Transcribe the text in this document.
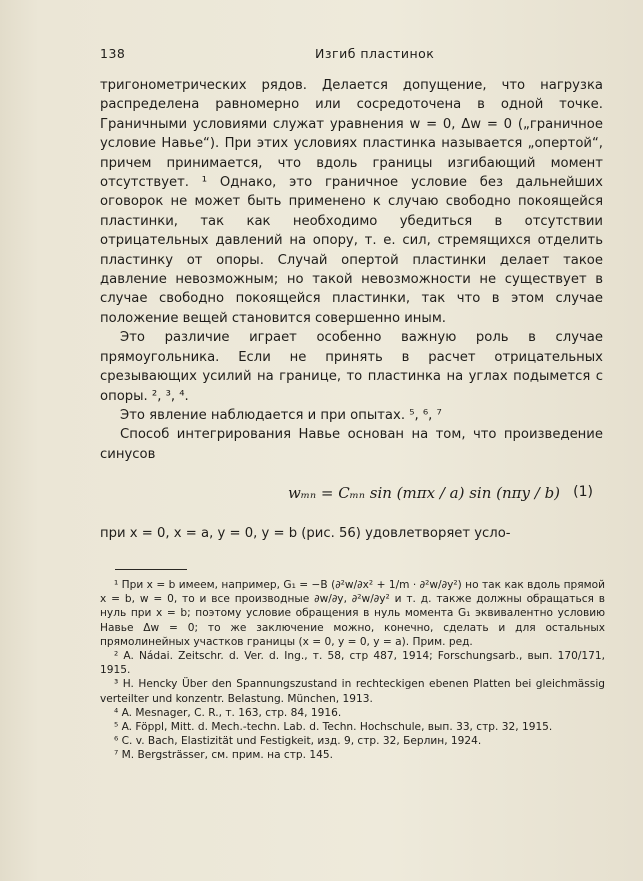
138	Изгиб пластинок

тригонометрических рядов. Делается допущение, что нагрузка распределена равномерно или сосредоточена в одной точке. Граничными условиями служат уравнения w = 0, Δw = 0 („граничное условие Навье“). При этих условиях пластинка называется „опертой“, причем принимается, что вдоль границы изгибающий момент отсутствует. ¹ Однако, это граничное условие без дальнейших оговорок не может быть применено к случаю свободно покоящейся пластинки, так как необходимо убедиться в отсутствии отрицательных давлений на опору, т. е. сил, стремящихся отделить пластинку от опоры. Случай опертой пластинки делает такое давление невозможным; но такой невозможности не существует в случае свободно покоящейся пластинки, так что в этом случае положение вещей становится совершенно иным.

Это различие играет особенно важную роль в случае прямоугольника. Если не принять в расчет отрицательных срезывающих усилий на границе, то пластинка на углах подымется с опоры. ², ³, ⁴.

Это явление наблюдается и при опытах. ⁵, ⁶, ⁷

Способ интегрирования Навье основан на том, что произведение синусов

wₘₙ = Cₘₙ sin (mπx / a) sin (nπy / b) (1)
при x = 0, x = a, y = 0, y = b (рис. 56) удовлетворяет усло-

¹ При x = b имеем, например, G₁ = −B (∂²w/∂x² + 1/m · ∂²w/∂y²) но так как вдоль прямой x = b, w = 0, то и все производные ∂w/∂y, ∂²w/∂y² и т. д. также должны обращаться в нуль при x = b; поэтому условие обращения в нуль момента G₁ эквивалентно условию Навье Δw = 0; то же заключение можно, конечно, сделать и для остальных прямолинейных участков границы (x = 0, y = 0, y = a). Прим. ред.

² A. Nádai. Zeitschr. d. Ver. d. Ing., т. 58, стр 487, 1914; Forschungsarb., вып. 170/171, 1915.

³ H. Hencky Über den Spannungszustand in rechteckigen ebenen Platten bei gleichmässig verteilter und konzentr. Belastung. München, 1913.

⁴ A. Mesnager, C. R., т. 163, стр. 84, 1916.

⁵ A. Föppl, Mitt. d. Mech.-techn. Lab. d. Techn. Hochschule, вып. 33, стр. 32, 1915.

⁶ C. v. Bach, Elastizität und Festigkeit, изд. 9, стр. 32, Берлин, 1924.

⁷ M. Bergsträsser, см. прим. на стр. 145.
